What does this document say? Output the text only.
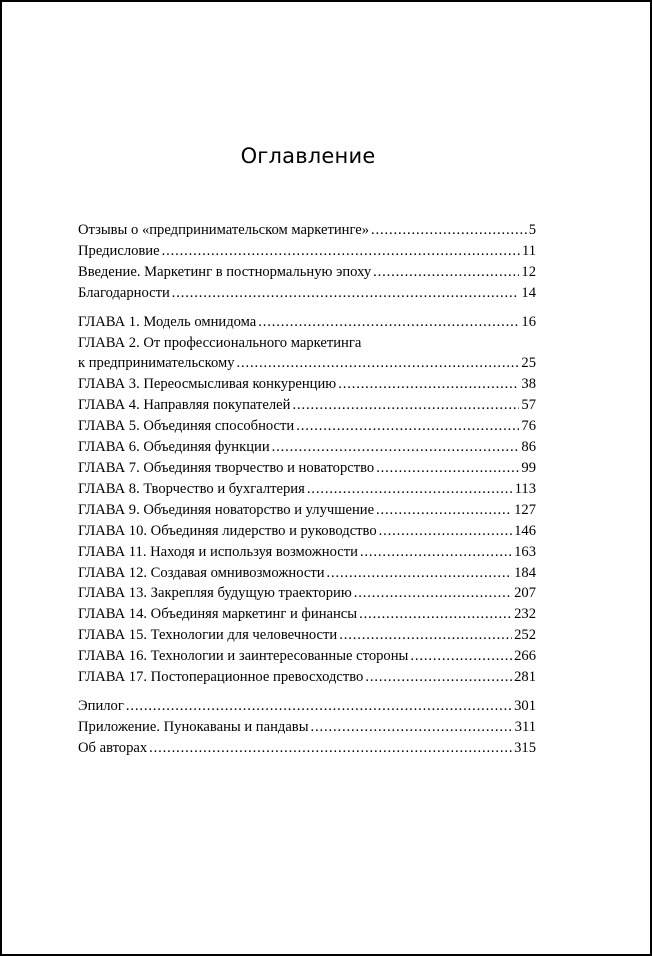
Оглавление
Отзывы о «предпринимательском маркетинге» . . .	5
Предисловие . . .	11
Введение. Маркетинг в постнормальную эпоху . . .	12
Благодарности . . .	14
ГЛАВА 1. Модель омнидома . . .	16
ГЛАВА 2. От профессионального маркетинга
к предпринимательскому . . .	25
ГЛАВА 3. Переосмысливая конкуренцию . . .	38
ГЛАВА 4. Направляя покупателей . . .	57
ГЛАВА 5. Объединяя способности . . .	76
ГЛАВА 6. Объединяя функции . . .	86
ГЛАВА 7. Объединяя творчество и новаторство . . .	99
ГЛАВА 8. Творчество и бухгалтерия . . .	113
ГЛАВА 9. Объединяя новаторство и улучшение . . .	127
ГЛАВА 10. Объединяя лидерство и руководство . . .	146
ГЛАВА 11. Находя и используя возможности . . .	163
ГЛАВА 12. Создавая омнивозможности . . .	184
ГЛАВА 13. Закрепляя будущую траекторию . . .	207
ГЛАВА 14. Объединяя маркетинг и финансы . . .	232
ГЛАВА 15. Технологии для человечности . . .	252
ГЛАВА 16. Технологии и заинтересованные стороны . . .	266
ГЛАВА 17. Постоперационное превосходство . . .	281
Эпилог . . .	301
Приложение. Пунокаваны и пандавы . . .	311
Об авторах . . .	315
